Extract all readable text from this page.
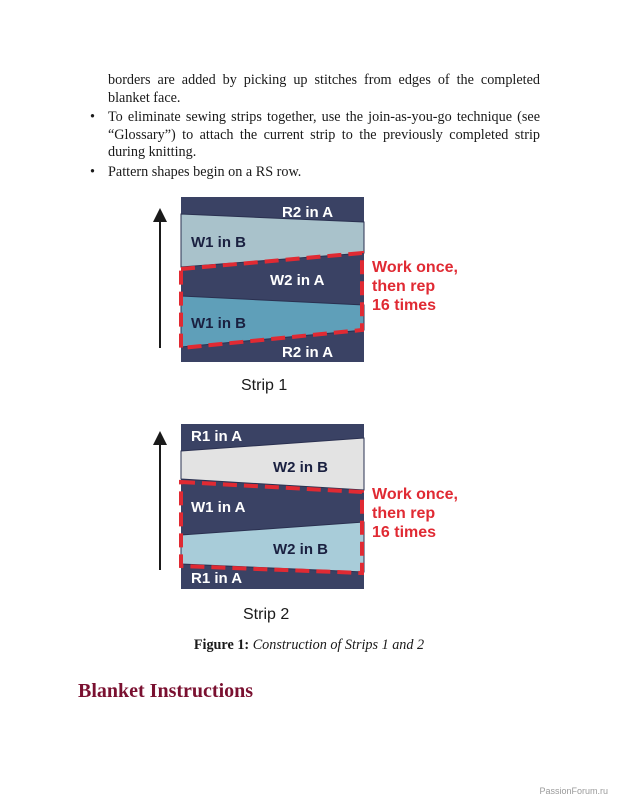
borders are added by picking up stitches from edges of the completed blanket face.
• To eliminate sewing strips together, use the join-as-you-go technique (see “Glossary”) to attach the current strip to the previously completed strip during knitting.
• Pattern shapes begin on a RS row.
R2 in A
W1 in B
W2 in A
W1 in B
R2 in A
Work once,
then rep
16 times
Strip 1
R1 in A
W2 in B
W1 in A
W2 in B
R1 in A
Work once,
then rep
16 times
Strip 2
Figure 1: Construction of Strips 1 and 2
Blanket Instructions
PassionForum.ru
